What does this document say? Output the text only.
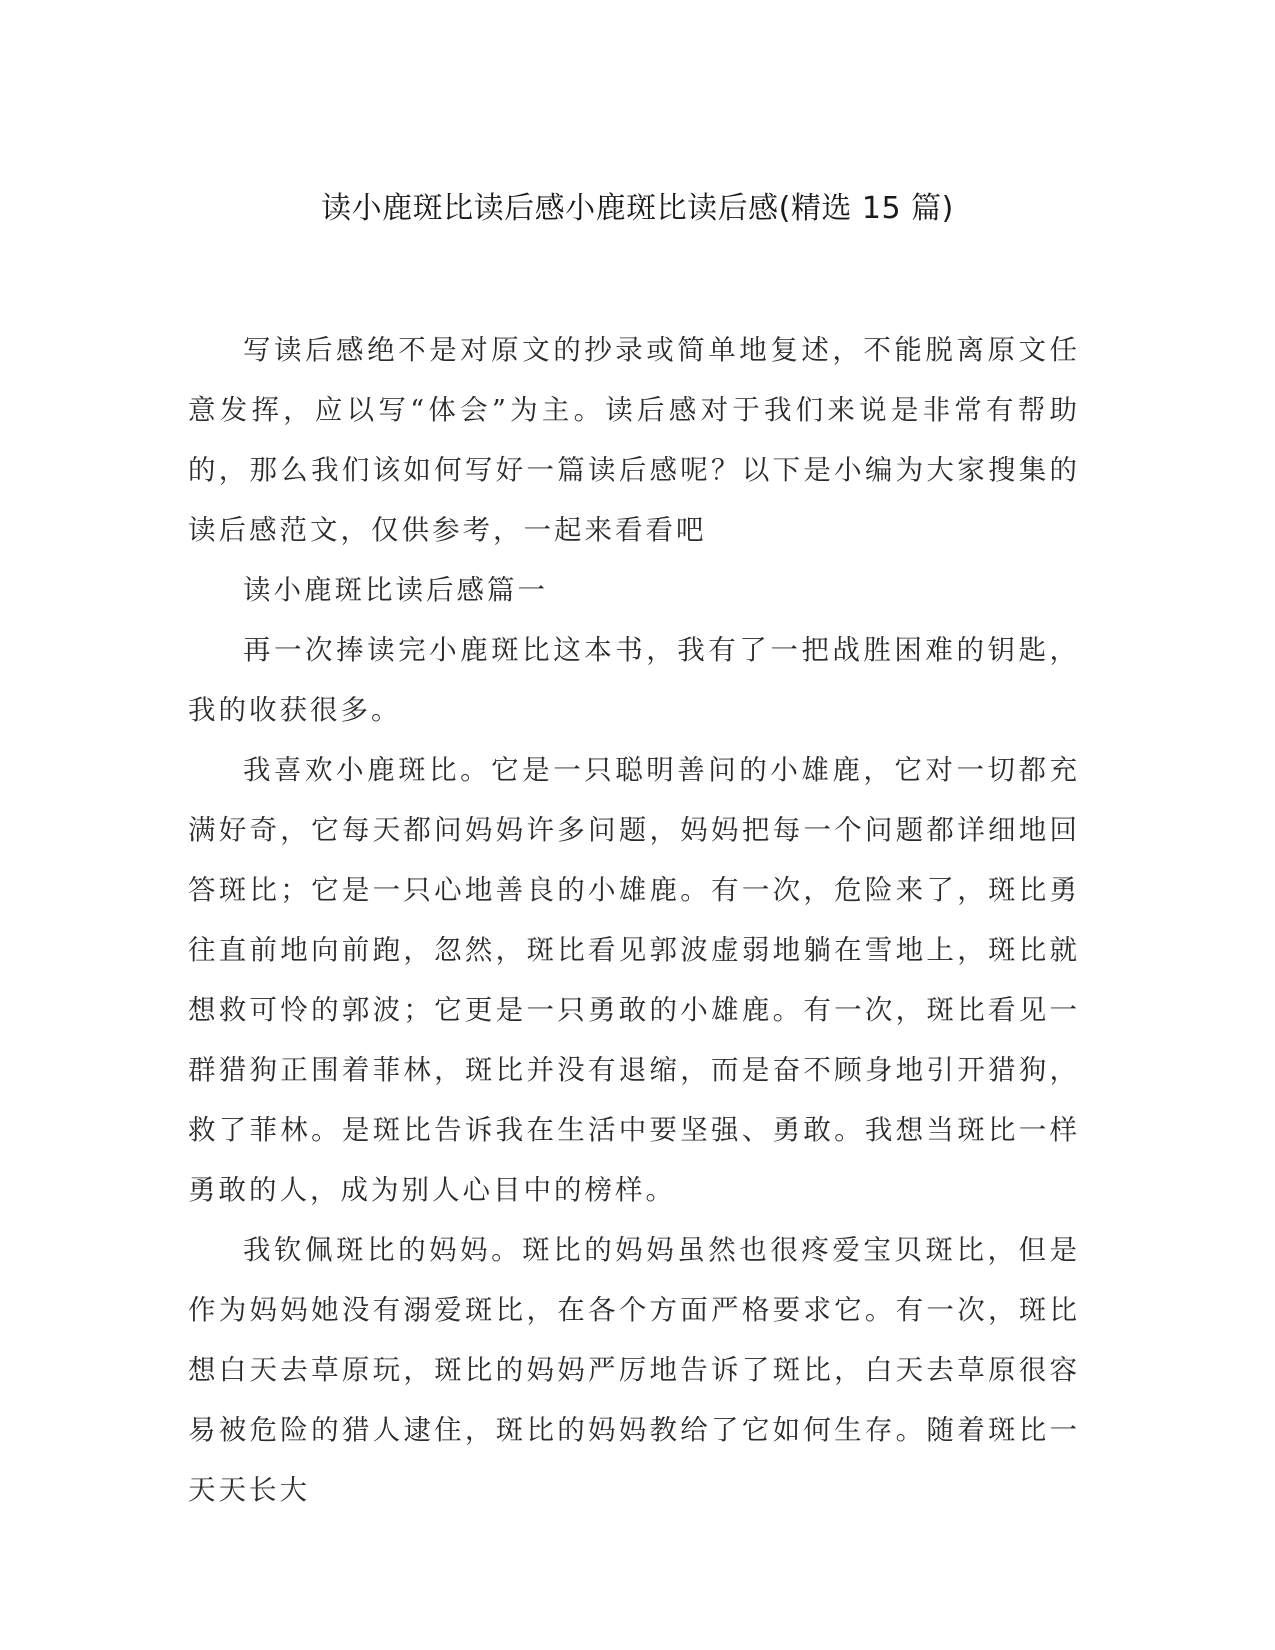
读小鹿斑比读后感小鹿斑比读后感(精选 15 篇)

写读后感绝不是对原文的抄录或简单地复述，不能脱离原文任意发挥，应以写“体会”为主。读后感对于我们来说是非常有帮助的，那么我们该如何写好一篇读后感呢？以下是小编为大家搜集的读后感范文，仅供参考，一起来看看吧

读小鹿斑比读后感篇一

再一次捧读完小鹿斑比这本书，我有了一把战胜困难的钥匙，我的收获很多。

我喜欢小鹿斑比。它是一只聪明善问的小雄鹿，它对一切都充满好奇，它每天都问妈妈许多问题，妈妈把每一个问题都详细地回答斑比；它是一只心地善良的小雄鹿。有一次，危险来了，斑比勇往直前地向前跑，忽然，斑比看见郭波虚弱地躺在雪地上，斑比就想救可怜的郭波；它更是一只勇敢的小雄鹿。有一次，斑比看见一群猎狗正围着菲林，斑比并没有退缩，而是奋不顾身地引开猎狗，救了菲林。是斑比告诉我在生活中要坚强、勇敢。我想当斑比一样勇敢的人，成为别人心目中的榜样。

我钦佩斑比的妈妈。斑比的妈妈虽然也很疼爱宝贝斑比，但是作为妈妈她没有溺爱斑比，在各个方面严格要求它。有一次，斑比想白天去草原玩，斑比的妈妈严厉地告诉了斑比，白天去草原很容易被危险的猎人逮住，斑比的妈妈教给了它如何生存。随着斑比一天天长大
